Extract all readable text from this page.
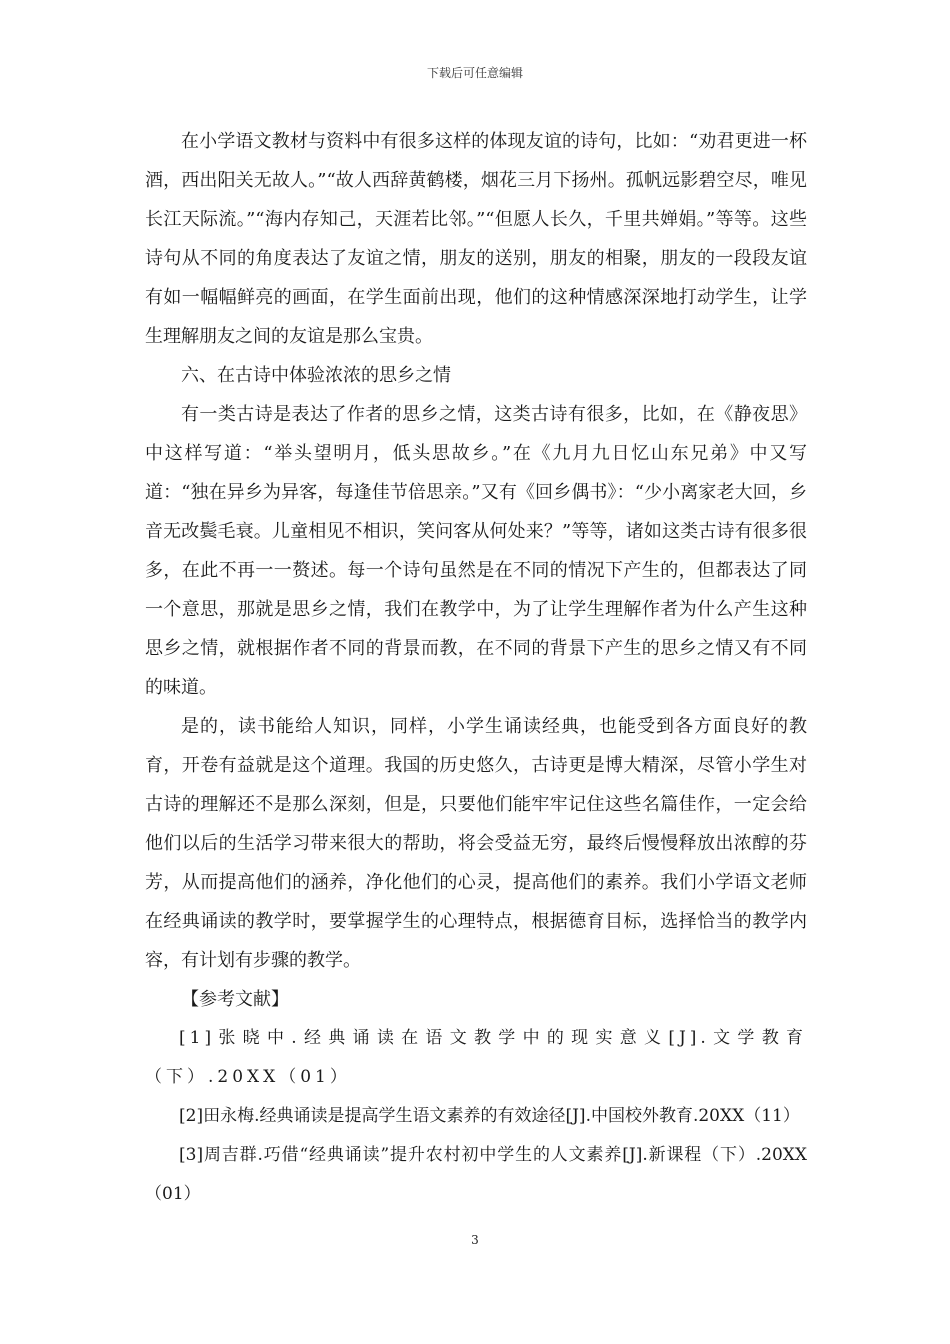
下载后可任意编辑

在小学语文教材与资料中有很多这样的体现友谊的诗句，比如：“劝君更进一杯酒，西出阳关无故人。”“故人西辞黄鹤楼，烟花三月下扬州。孤帆远影碧空尽，唯见长江天际流。”“海内存知己，天涯若比邻。”“但愿人长久，千里共婵娟。”等等。这些诗句从不同的角度表达了友谊之情，朋友的送别，朋友的相聚，朋友的一段段友谊有如一幅幅鲜亮的画面，在学生面前出现，他们的这种情感深深地打动学生，让学生理解朋友之间的友谊是那么宝贵。

六、在古诗中体验浓浓的思乡之情

有一类古诗是表达了作者的思乡之情，这类古诗有很多，比如，在《静夜思》中这样写道：“举头望明月，低头思故乡。”在《九月九日忆山东兄弟》中又写道：“独在异乡为异客，每逢佳节倍思亲。”又有《回乡偶书》：“少小离家老大回，乡音无改鬓毛衰。儿童相见不相识，笑问客从何处来？”等等，诸如这类古诗有很多很多，在此不再一一赘述。每一个诗句虽然是在不同的情况下产生的，但都表达了同一个意思，那就是思乡之情，我们在教学中，为了让学生理解作者为什么产生这种思乡之情，就根据作者不同的背景而教，在不同的背景下产生的思乡之情又有不同的味道。

是的，读书能给人知识，同样，小学生诵读经典，也能受到各方面良好的教育，开卷有益就是这个道理。我国的历史悠久，古诗更是博大精深，尽管小学生对古诗的理解还不是那么深刻，但是，只要他们能牢牢记住这些名篇佳作，一定会给他们以后的生活学习带来很大的帮助，将会受益无穷，最终后慢慢释放出浓醇的芬芳，从而提高他们的涵养，净化他们的心灵，提高他们的素养。我们小学语文老师在经典诵读的教学时，要掌握学生的心理特点，根据德育目标，选择恰当的教学内容，有计划有步骤的教学。

【参考文献】

[1]张晓中.经典诵读在语文教学中的现实意义[J].文学教育（下）.20XX（01）

[2]田永梅.经典诵读是提高学生语文素养的有效途径[J].中国校外教育.20XX（11）

[3]周吉群.巧借“经典诵读”提升农村初中学生的人文素养[J].新课程（下）.20XX（01）

3
